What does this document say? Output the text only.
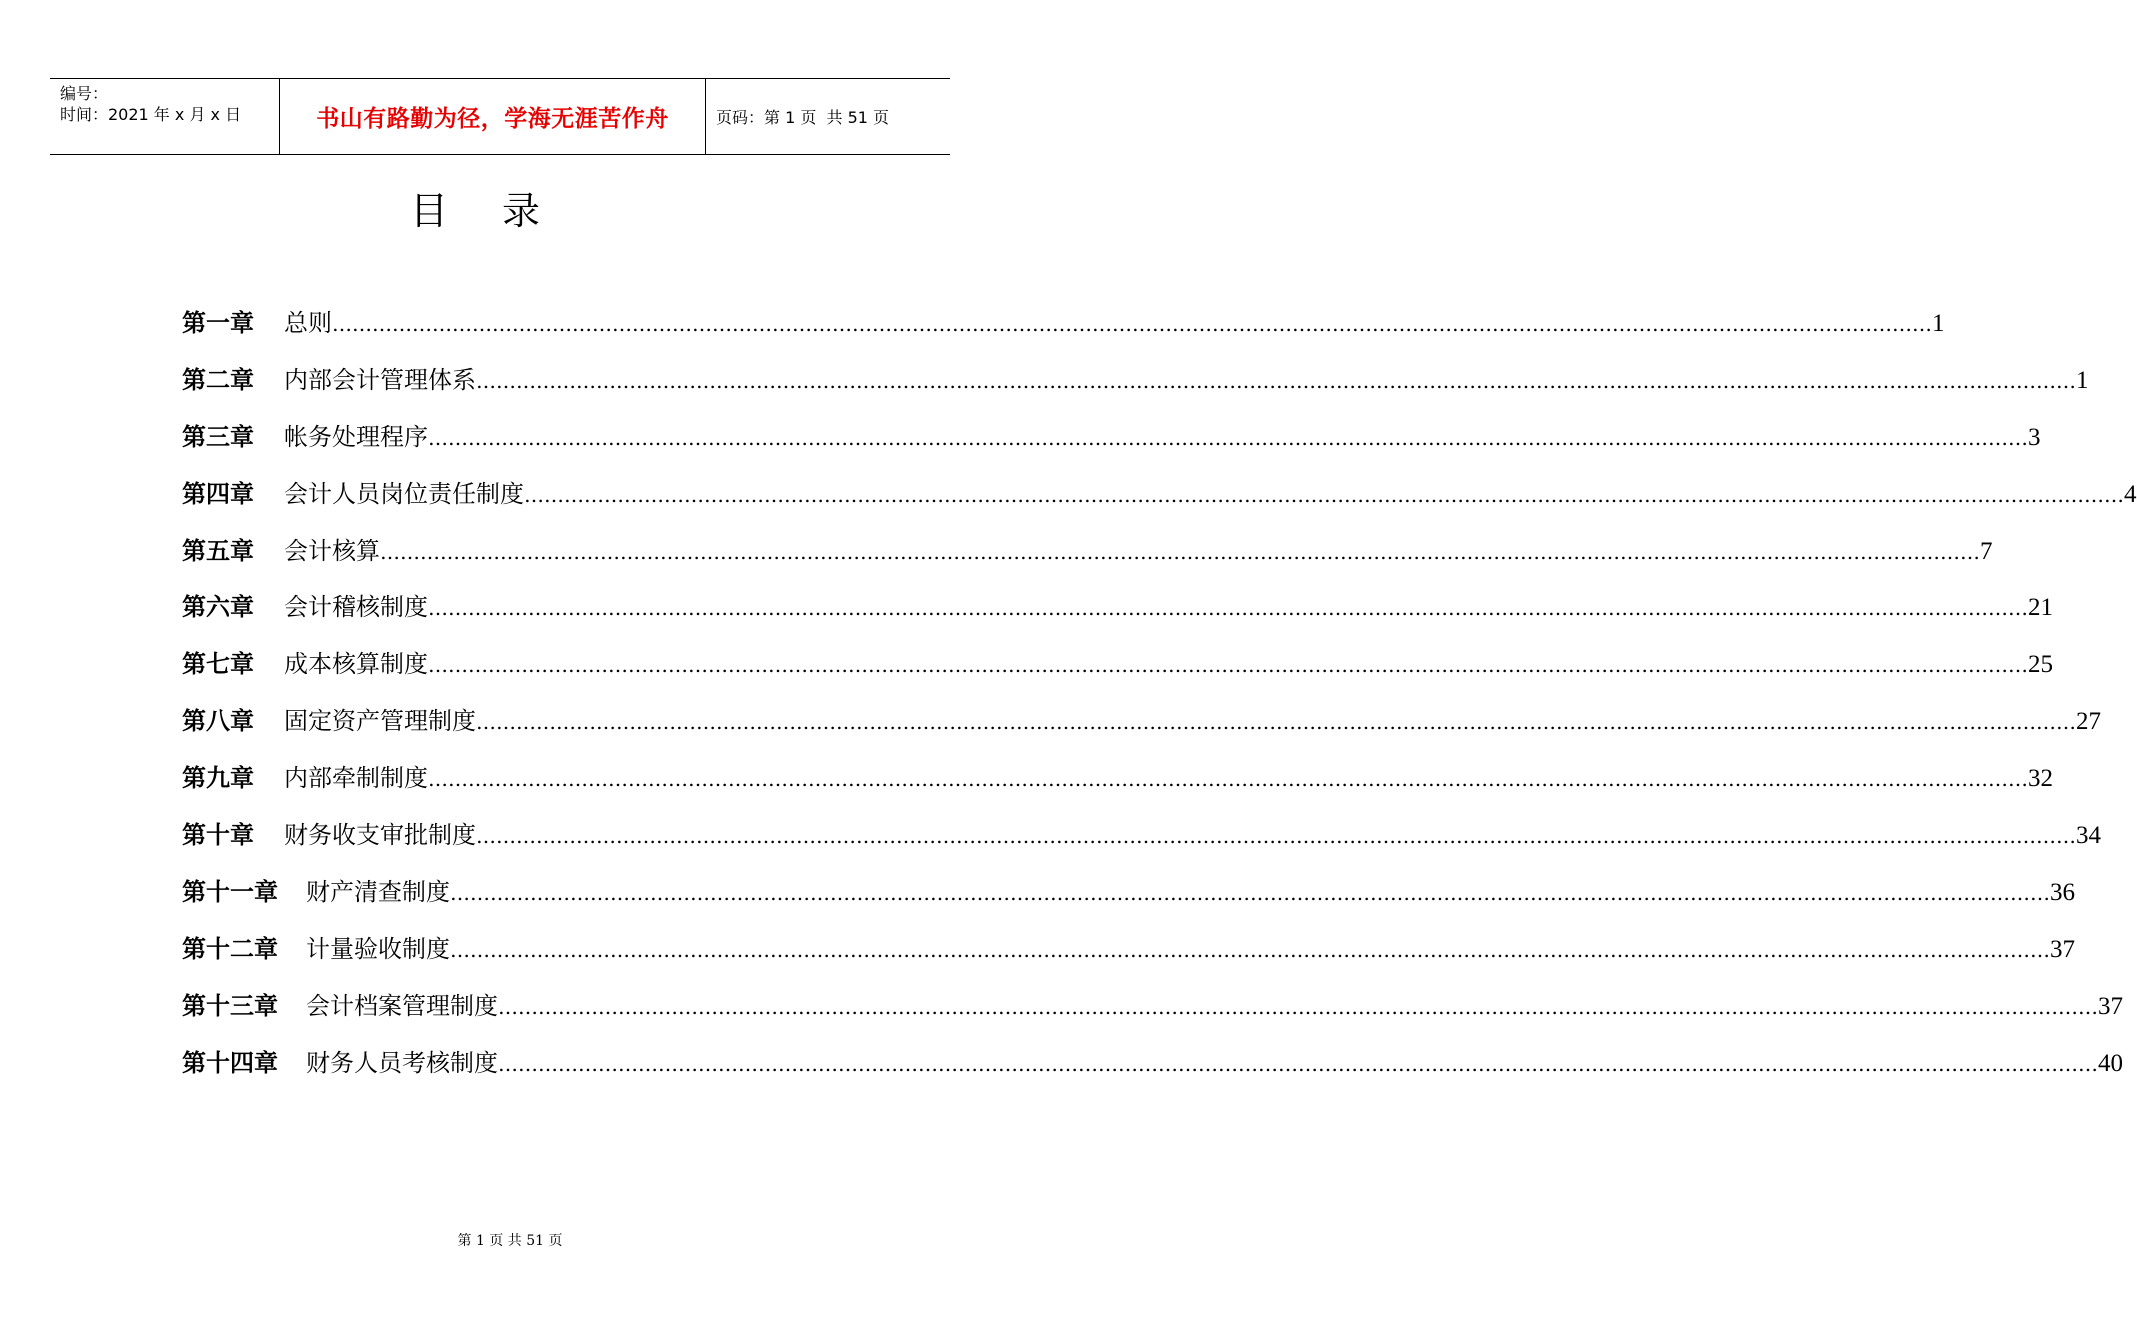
编号：
时间：2021 年 x 月 x 日	书山有路勤为径，学海无涯苦作舟	页码：第 1 页  共 51 页
目 录
第一章 总则 …………………………………………………………………………………………………………………………………………………………………………………………………………………… 1
第二章 内部会计管理体系 …………………………………………………………………………………………………………………………………………………………………………………………………………………… 1
第三章 帐务处理程序 …………………………………………………………………………………………………………………………………………………………………………………………………………………… 3
第四章 会计人员岗位责任制度 …………………………………………………………………………………………………………………………………………………………………………………………………………………… 4
第五章 会计核算 …………………………………………………………………………………………………………………………………………………………………………………………………………………… 7
第六章 会计稽核制度 …………………………………………………………………………………………………………………………………………………………………………………………………………………… 21
第七章 成本核算制度 …………………………………………………………………………………………………………………………………………………………………………………………………………………… 25
第八章 固定资产管理制度 …………………………………………………………………………………………………………………………………………………………………………………………………………………… 27
第九章 内部牵制制度 …………………………………………………………………………………………………………………………………………………………………………………………………………………… 32
第十章 财务收支审批制度 …………………………………………………………………………………………………………………………………………………………………………………………………………………… 34
第十一章 财产清查制度 …………………………………………………………………………………………………………………………………………………………………………………………………………………… 36
第十二章 计量验收制度 …………………………………………………………………………………………………………………………………………………………………………………………………………………… 37
第十三章 会计档案管理制度 …………………………………………………………………………………………………………………………………………………………………………………………………………………… 37
第十四章 财务人员考核制度 …………………………………………………………………………………………………………………………………………………………………………………………………………………… 40
第 1 页 共 51 页
